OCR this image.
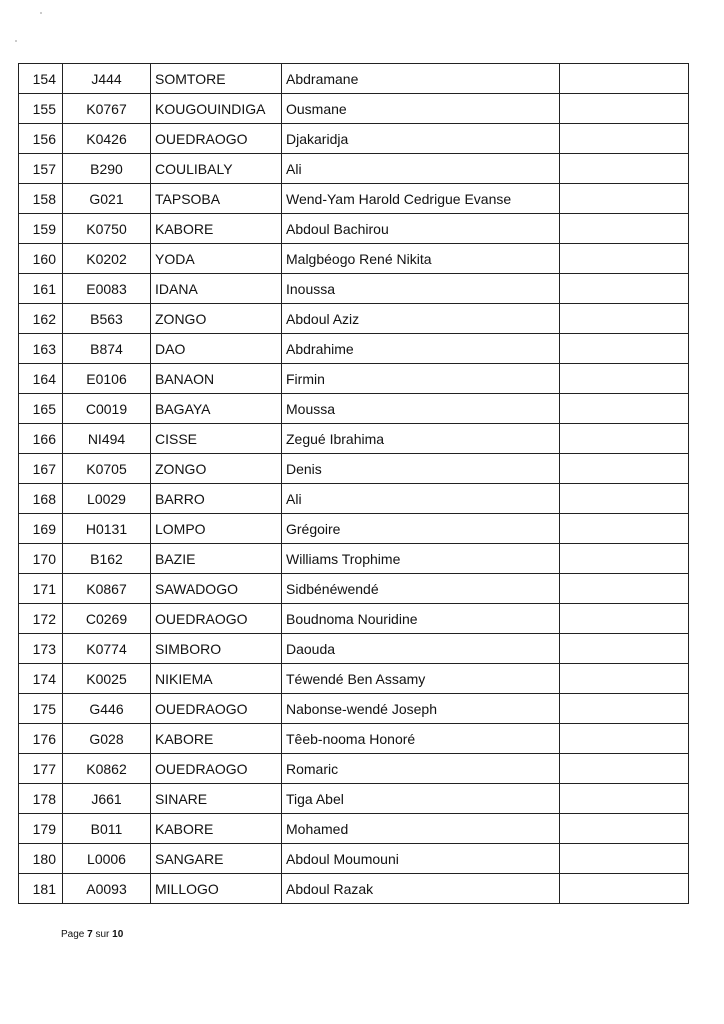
154	J444	SOMTORE	Abdramane	
155	K0767	KOUGOUINDIGA	Ousmane	
156	K0426	OUEDRAOGO	Djakaridja	
157	B290	COULIBALY	Ali	
158	G021	TAPSOBA	Wend-Yam Harold Cedrigue Evanse	
159	K0750	KABORE	Abdoul Bachirou	
160	K0202	YODA	Malgbéogo René Nikita	
161	E0083	IDANA	Inoussa	
162	B563	ZONGO	Abdoul Aziz	
163	B874	DAO	Abdrahime	
164	E0106	BANAON	Firmin	
165	C0019	BAGAYA	Moussa	
166	NI494	CISSE	Zegué Ibrahima	
167	K0705	ZONGO	Denis	
168	L0029	BARRO	Ali	
169	H0131	LOMPO	Grégoire	
170	B162	BAZIE	Williams Trophime	
171	K0867	SAWADOGO	Sidbénéwendé	
172	C0269	OUEDRAOGO	Boudnoma Nouridine	
173	K0774	SIMBORO	Daouda	
174	K0025	NIKIEMA	Téwendé Ben Assamy	
175	G446	OUEDRAOGO	Nabonse-wendé Joseph	
176	G028	KABORE	Têeb-nooma Honoré	
177	K0862	OUEDRAOGO	Romaric	
178	J661	SINARE	Tiga Abel	
179	B011	KABORE	Mohamed	
180	L0006	SANGARE	Abdoul Moumouni	
181	A0093	MILLOGO	Abdoul Razak	
Page 7 sur 10
